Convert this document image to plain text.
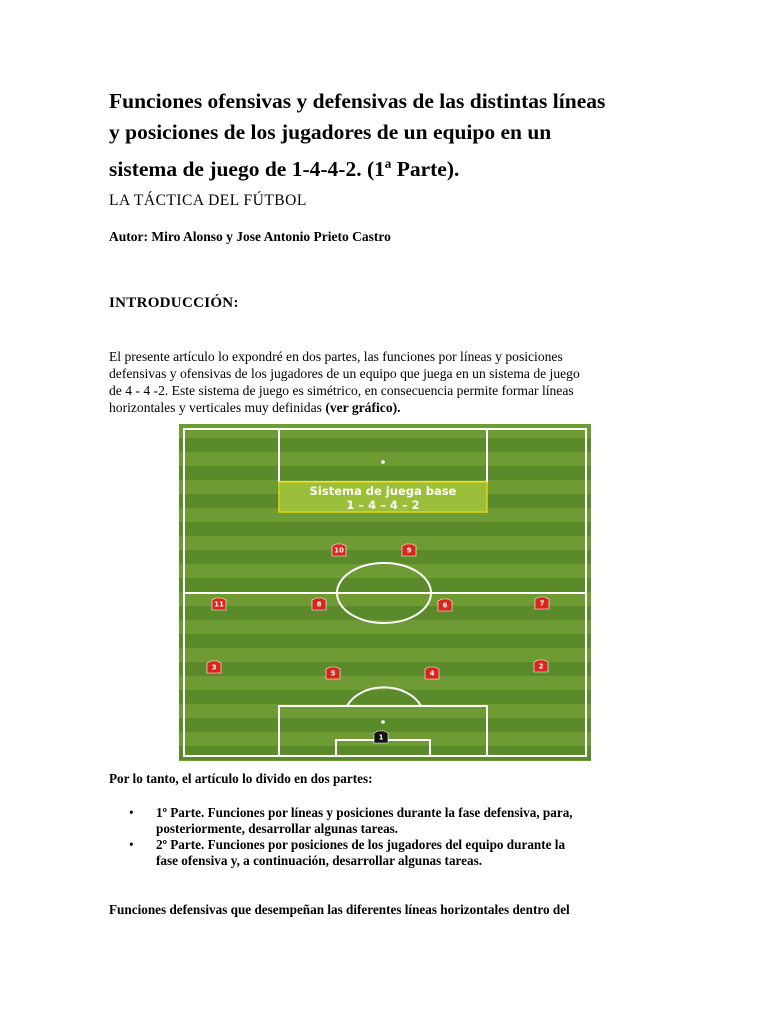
Funciones ofensivas y defensivas de las distintas líneas
y posiciones de los jugadores de un equipo en un
sistema de juego de 1-4-4-2. (1ª Parte).
LA TÁCTICA DEL FÚTBOL
Autor: Miro Alonso y Jose Antonio Prieto Castro
INTRODUCCIÓN:
El presente artículo lo expondré en dos partes, las funciones por líneas y posiciones
defensivas y ofensivas de los jugadores de un equipo que juega en un sistema de juego
de 4 - 4 -2. Este sistema de juego es simétrico, en consecuencia permite formar líneas
horizontales y verticales muy definidas (ver gráfico).
Sistema de juega base
1 – 4 – 4 – 2
10	9
11	8	6	7
3
5	4
2
1
Por lo tanto, el artículo lo divido en dos partes:
• 1º Parte. Funciones por líneas y posiciones durante la fase defensiva, para,
posteriormente, desarrollar algunas tareas.
• 2º Parte. Funciones por posiciones de los jugadores del equipo durante la
fase ofensiva y, a continuación, desarrollar algunas tareas.
Funciones defensivas que desempeñan las diferentes líneas horizontales dentro del
